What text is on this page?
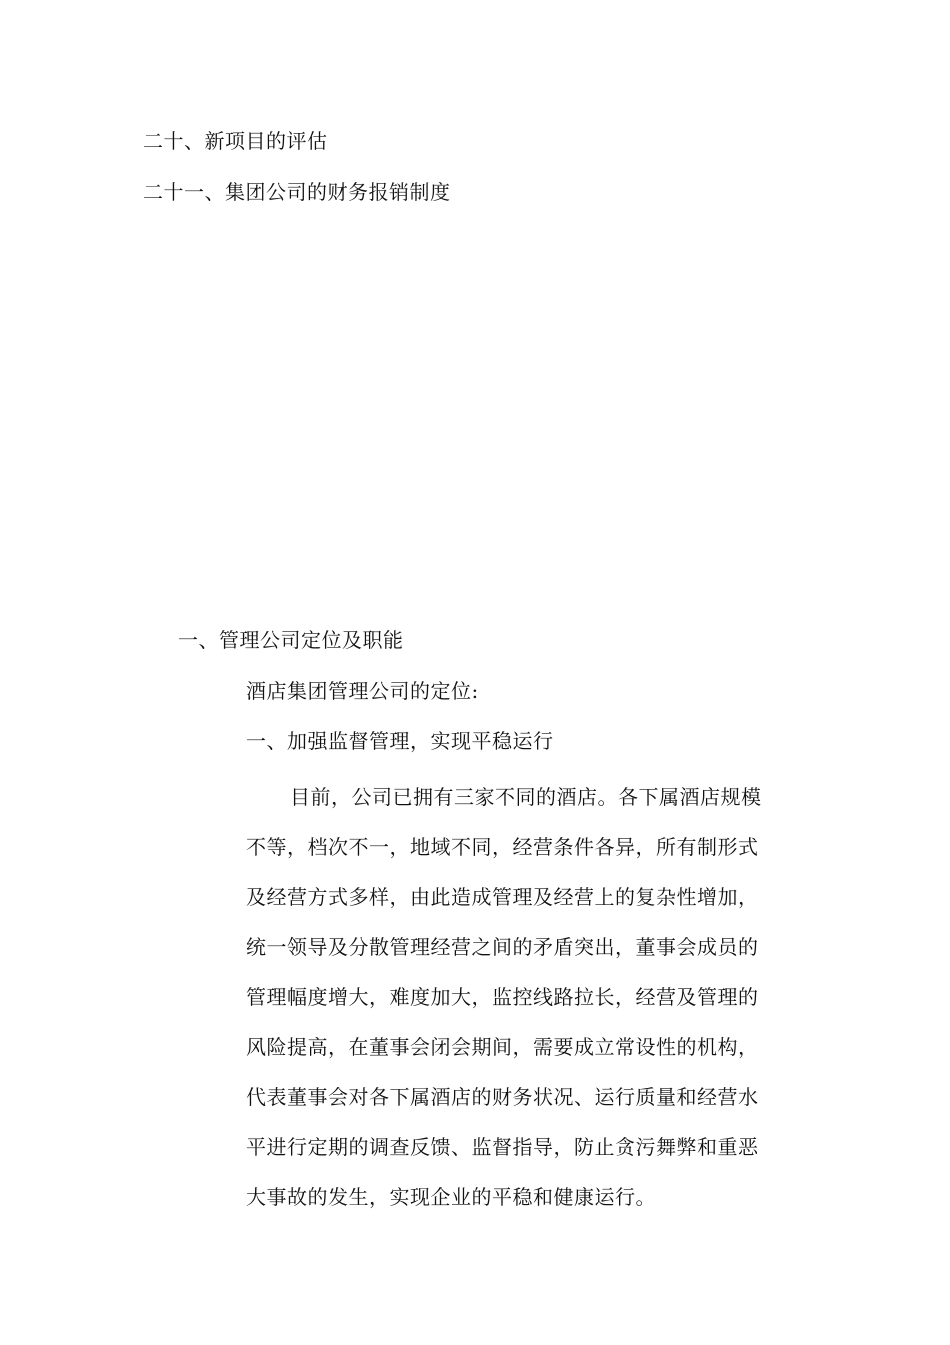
二十、新项目的评估
二十一、集团公司的财务报销制度
一、管理公司定位及职能
酒店集团管理公司的定位:
一、加强监督管理，实现平稳运行
目前，公司已拥有三家不同的酒店。各下属酒店规模
不等，档次不一，地域不同，经营条件各异，所有制形式
及经营方式多样，由此造成管理及经营上的复杂性增加，
统一领导及分散管理经营之间的矛盾突出，董事会成员的
管理幅度增大，难度加大，监控线路拉长，经营及管理的
风险提高，在董事会闭会期间，需要成立常设性的机构，
代表董事会对各下属酒店的财务状况、运行质量和经营水
平进行定期的调查反馈、监督指导，防止贪污舞弊和重恶
大事故的发生，实现企业的平稳和健康运行。
